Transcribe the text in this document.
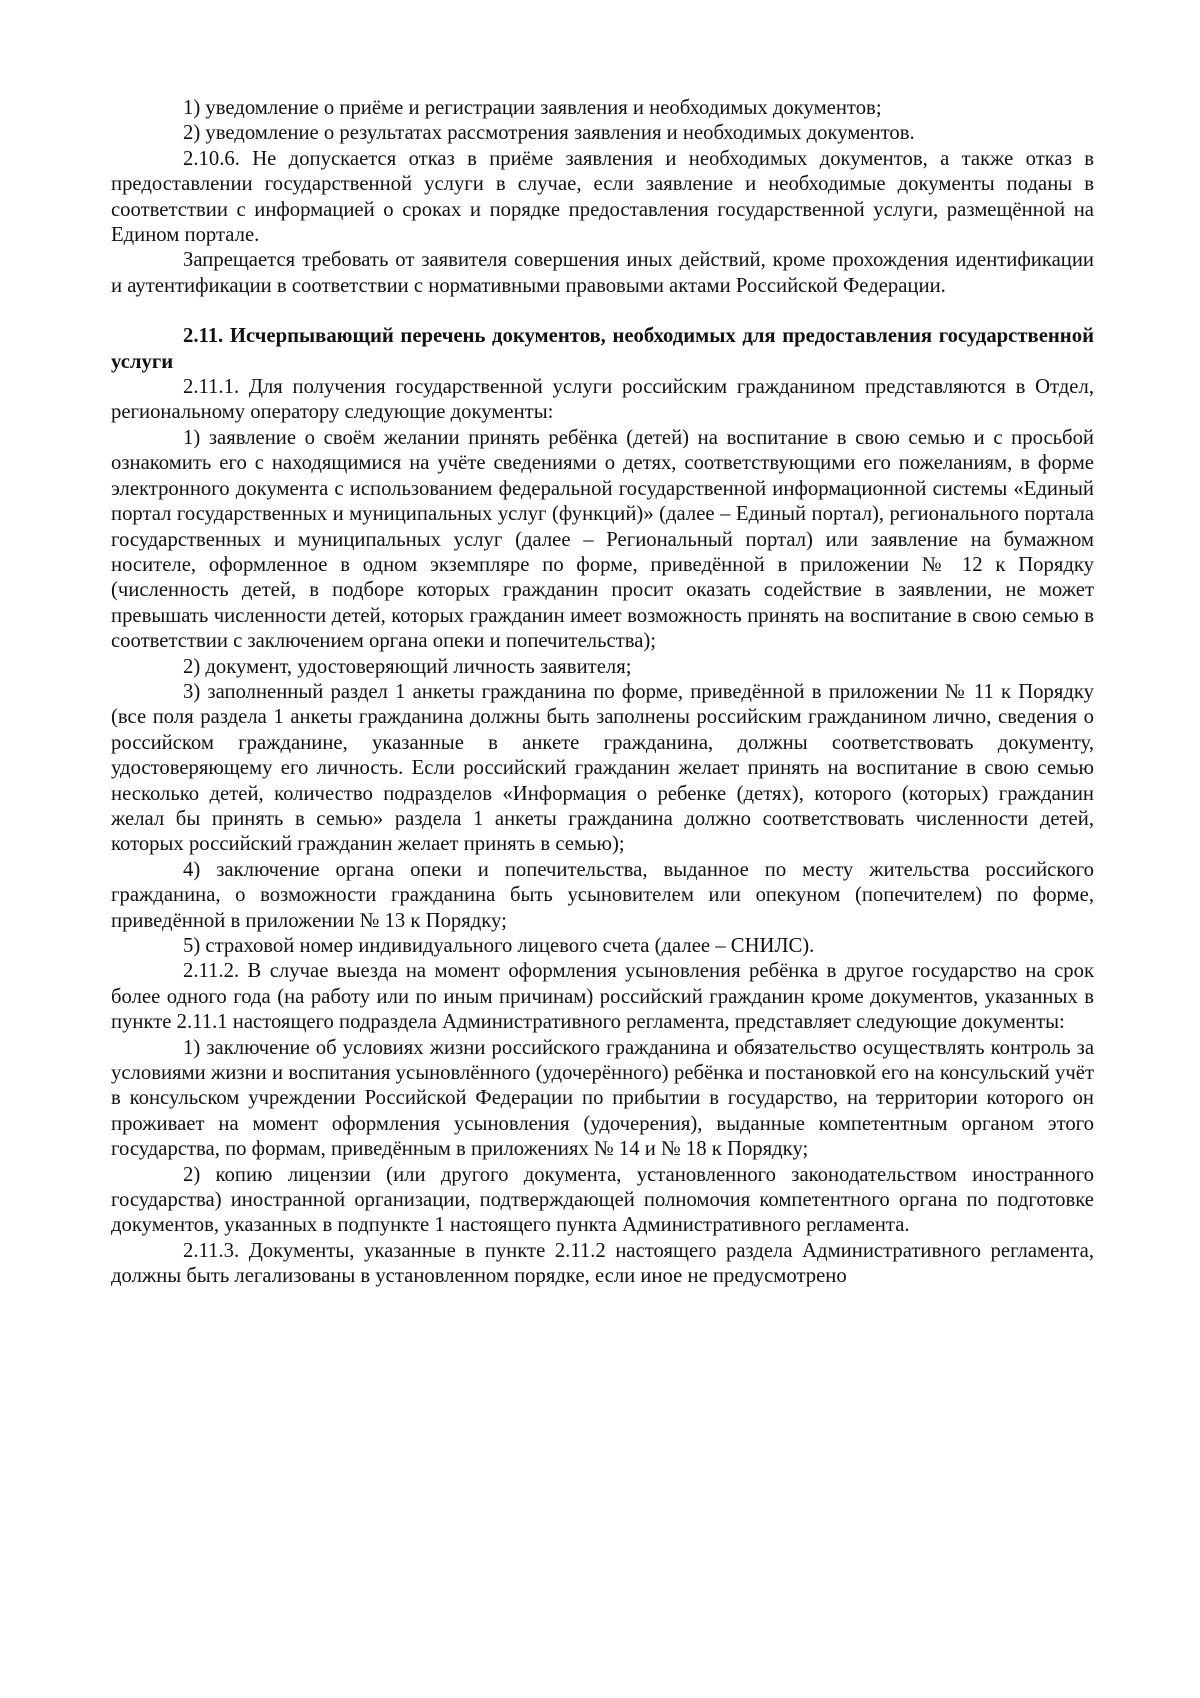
1) уведомление о приёме и регистрации заявления и необходимых документов;

2) уведомление о результатах рассмотрения заявления и необходимых документов.

2.10.6. Не допускается отказ в приёме заявления и необходимых документов, а также отказ в предоставлении государственной услуги в случае, если заявление и необходимые документы поданы в соответствии с информацией о сроках и порядке предоставления государственной услуги, размещённой на Едином портале.

Запрещается требовать от заявителя совершения иных действий, кроме прохождения идентификации и аутентификации в соответствии с нормативными правовыми актами Российской Федерации.

2.11. Исчерпывающий перечень документов, необходимых для предоставления государственной услуги

2.11.1. Для получения государственной услуги российским гражданином представляются в Отдел, региональному оператору следующие документы:

1) заявление о своём желании принять ребёнка (детей) на воспитание в свою семью и с просьбой ознакомить его с находящимися на учёте сведениями о детях, соответствующими его пожеланиям, в форме электронного документа с использованием федеральной государственной информационной системы «Единый портал государственных и муниципальных услуг (функций)» (далее – Единый портал), регионального портала государственных и муниципальных услуг (далее – Региональный портал) или заявление на бумажном носителе, оформленное в одном экземпляре по форме, приведённой в приложении № 12 к Порядку (численность детей, в подборе которых гражданин просит оказать содействие в заявлении, не может превышать численности детей, которых гражданин имеет возможность принять на воспитание в свою семью в соответствии с заключением органа опеки и попечительства);

2) документ, удостоверяющий личность заявителя;

3) заполненный раздел 1 анкеты гражданина по форме, приведённой в приложении № 11 к Порядку (все поля раздела 1 анкеты гражданина должны быть заполнены российским гражданином лично, сведения о российском гражданине, указанные в анкете гражданина, должны соответствовать документу, удостоверяющему его личность. Если российский гражданин желает принять на воспитание в свою семью несколько детей, количество подразделов «Информация о ребенке (детях), которого (которых) гражданин желал бы принять в семью» раздела 1 анкеты гражданина должно соответствовать численности детей, которых российский гражданин желает принять в семью);

4) заключение органа опеки и попечительства, выданное по месту жительства российского гражданина, о возможности гражданина быть усыновителем или опекуном (попечителем) по форме, приведённой в приложении № 13 к Порядку;

5) страховой номер индивидуального лицевого счета (далее – СНИЛС).

2.11.2. В случае выезда на момент оформления усыновления ребёнка в другое государство на срок более одного года (на работу или по иным причинам) российский гражданин кроме документов, указанных в пункте 2.11.1 настоящего подраздела Административного регламента, представляет следующие документы:

1) заключение об условиях жизни российского гражданина и обязательство осуществлять контроль за условиями жизни и воспитания усыновлённого (удочерённого) ребёнка и постановкой его на консульский учёт в консульском учреждении Российской Федерации по прибытии в государство, на территории которого он проживает на момент оформления усыновления (удочерения), выданные компетентным органом этого государства, по формам, приведённым в приложениях № 14 и № 18 к Порядку;

2) копию лицензии (или другого документа, установленного законодательством иностранного государства) иностранной организации, подтверждающей полномочия компетентного органа по подготовке документов, указанных в подпункте 1 настоящего пункта Административного регламента.

2.11.3. Документы, указанные в пункте 2.11.2 настоящего раздела Административного регламента, должны быть легализованы в установленном порядке, если иное не предусмотрено
